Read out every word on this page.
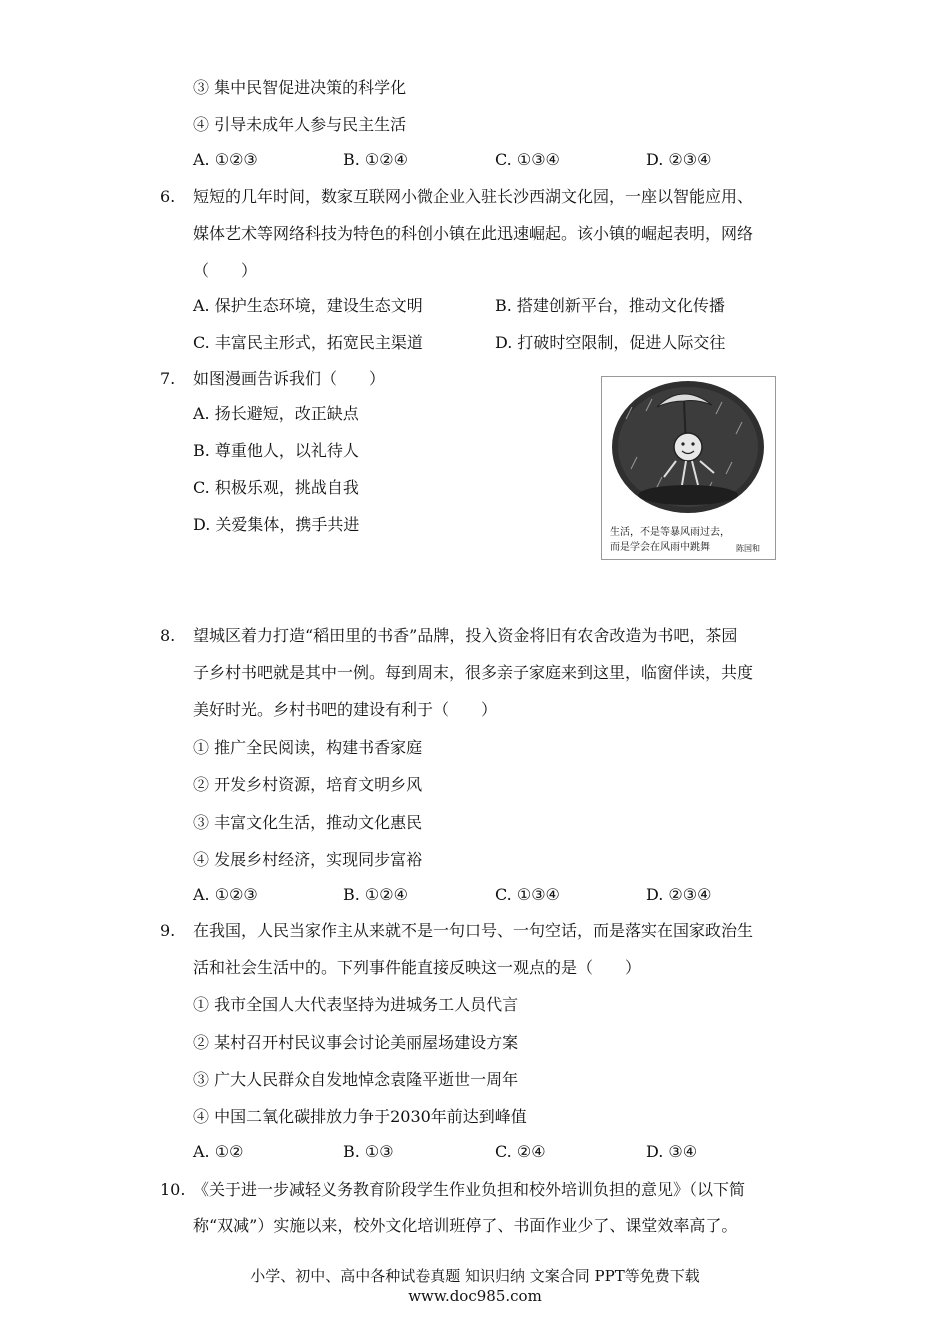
③ 集中民智促进决策的科学化
④ 引导未成年人参与民主生活
A. ①②③	B. ①②④	C. ①③④	D. ②③④
6. 短短的几年时间，数家互联网小微企业入驻长沙西湖文化园，一座以智能应用、
媒体艺术等网络科技为特色的科创小镇在此迅速崛起。该小镇的崛起表明，网络
（　　）
A. 保护生态环境，建设生态文明	B. 搭建创新平台，推动文化传播
C. 丰富民主形式，拓宽民主渠道	D. 打破时空限制，促进人际交往
7. 如图漫画告诉我们（　　）
A. 扬长避短，改正缺点
B. 尊重他人，以礼待人
C. 积极乐观，挑战自我
D. 关爱集体，携手共进	生活，不是等暴风雨过去，
而是学会在风雨中跳舞	陈国和
8. 望城区着力打造“稻田里的书香”品牌，投入资金将旧有农舍改造为书吧，茶园
子乡村书吧就是其中一例。每到周末，很多亲子家庭来到这里，临窗伴读，共度
美好时光。乡村书吧的建设有利于（　　）
① 推广全民阅读，构建书香家庭
② 开发乡村资源，培育文明乡风
③ 丰富文化生活，推动文化惠民
④ 发展乡村经济，实现同步富裕
A. ①②③	B. ①②④	C. ①③④	D. ②③④
9. 在我国，人民当家作主从来就不是一句口号、一句空话，而是落实在国家政治生
活和社会生活中的。下列事件能直接反映这一观点的是（　　）
① 我市全国人大代表坚持为进城务工人员代言
② 某村召开村民议事会讨论美丽屋场建设方案
③ 广大人民群众自发地悼念袁隆平逝世一周年
④ 中国二氧化碳排放力争于2030年前达到峰值
A. ①②	B. ①③	C. ②④	D. ③④
10. 《关于进一步减轻义务教育阶段学生作业负担和校外培训负担的意见》（以下简
称“双减”）实施以来，校外文化培训班停了、书面作业少了、课堂效率高了。
小学、初中、高中各种试卷真题 知识归纳 文案合同 PPT等免费下载
www.doc985.com
